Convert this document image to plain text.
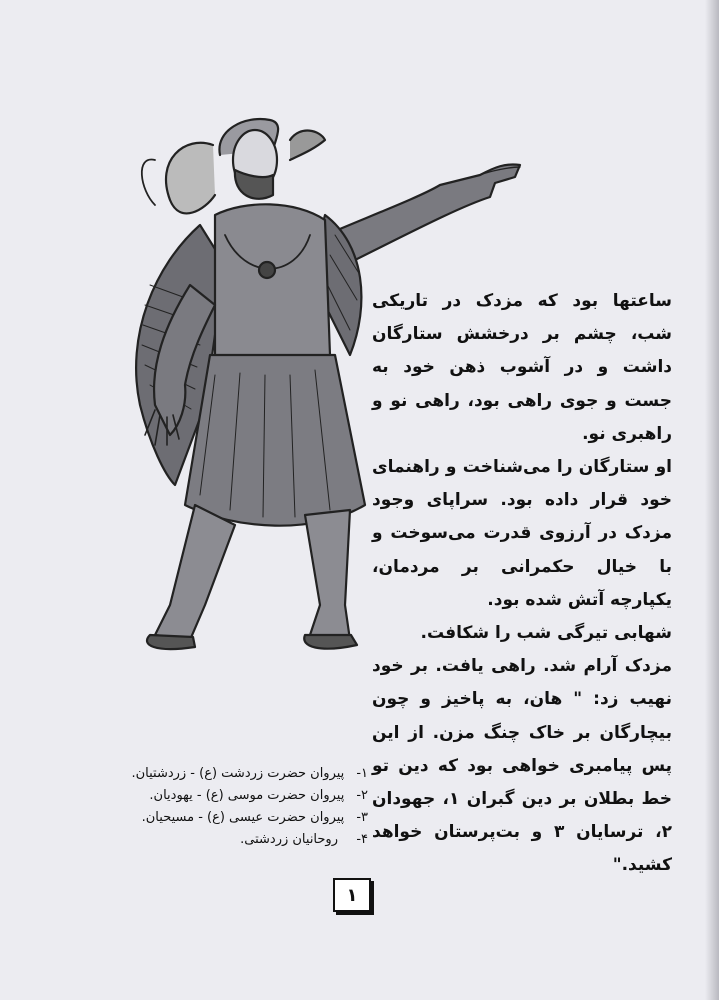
ساعتها بود که مزدک در تاریکی شب، چشم بر درخشش ستارگان داشت و در آشوب ذهن خود به جست و جوی راهی بود، راهی نو و راهبری نو.

او ستارگان را می‌شناخت و راهنمای خود قرار داده بود. سراپای وجود مزدک در آرزوی قدرت می‌سوخت و با خیال حکمرانی بر مردمان، یکپارچه آتش شده بود.

شهابی تیرگی شب را شکافت.

مزدک آرام شد. راهی یافت. بر خود نهیب زد: " هان، به پاخیز و چون بیچارگان بر خاک چنگ مزن. از این پس پیامبری خواهی بود که دین تو خط بطلان بر دین گبران ۱، جهودان ۲، ترسایان ۳ و بت‌پرستان خواهد کشید."

۱-
پیروان حضرت زردشت (ع) - زردشتیان.
۲-
پیروان حضرت موسی (ع) - یهودیان.
۳-
پیروان حضرت عیسی (ع) - مسیحیان.
۴-
روحانیان زردشتی.
۱
